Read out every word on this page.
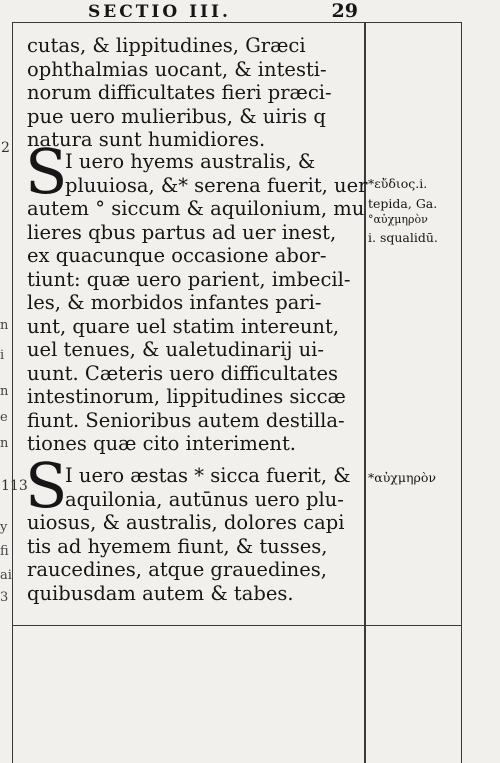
SECTIO III.	29
2
113
n
i
n
e
n
y
fi
ai
3
cutas, & lippitudines, Græci
ophthalmias uocant, & intesti-
norum difficultates fieri præci-
pue uero mulieribus, & uiris q
natura sunt humidiores.
S
I uero hyems australis, &
pluuiosa, &* serena fuerit, uer
autem ° siccum & aquilonium, mu
lieres qbus partus ad uer inest,
ex quacunque occasione abor-
tiunt: quæ uero parient, imbecil-
les, & morbidos infantes pari-
unt, quare uel statim intereunt,
uel tenues, & ualetudinarij ui-
uunt. Cæteris uero difficultates
intestinorum, lippitudines siccæ
fiunt. Senioribus autem destilla-
tiones quæ cito interiment.
S
I uero æstas * sicca fuerit, &
aquilonia, autūnus uero plu-
uiosus, & australis, dolores capi
tis ad hyemem fiunt, & tusses,
raucedines, atque grauedines,
quibusdam autem & tabes.
*εὔδιος.i.
tepida, Ga.
°αὐχμηρὸν
i. squalidū.
*αὐχμηρὸν
